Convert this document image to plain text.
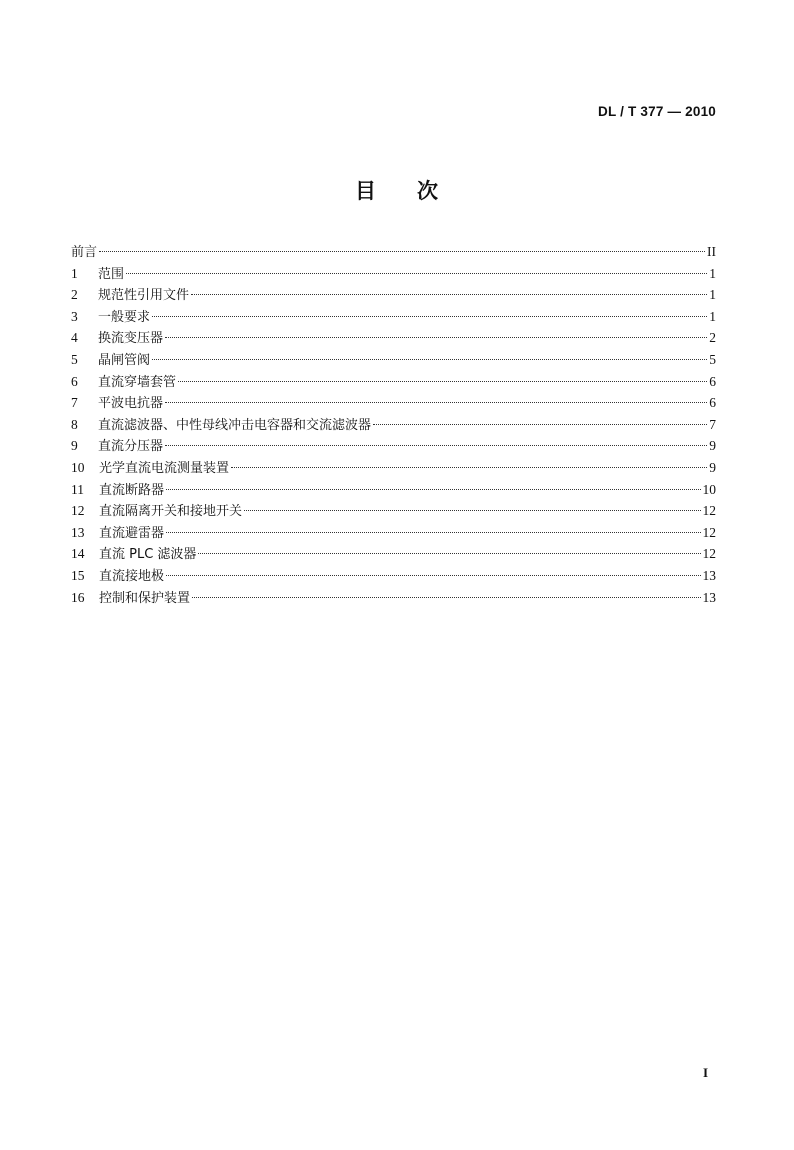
DL / T 377 — 2010
目 次
前言	II
1	范围	1
2	规范性引用文件	1
3	一般要求	1
4	换流变压器	2
5	晶闸管阀	5
6	直流穿墙套管	6
7	平波电抗器	6
8	直流滤波器、中性母线冲击电容器和交流滤波器	7
9	直流分压器	9
10	光学直流电流测量装置	9
11	直流断路器	10
12	直流隔离开关和接地开关	12
13	直流避雷器	12
14	直流 PLC 滤波器	12
15	直流接地极	13
16	控制和保护装置	13
I
